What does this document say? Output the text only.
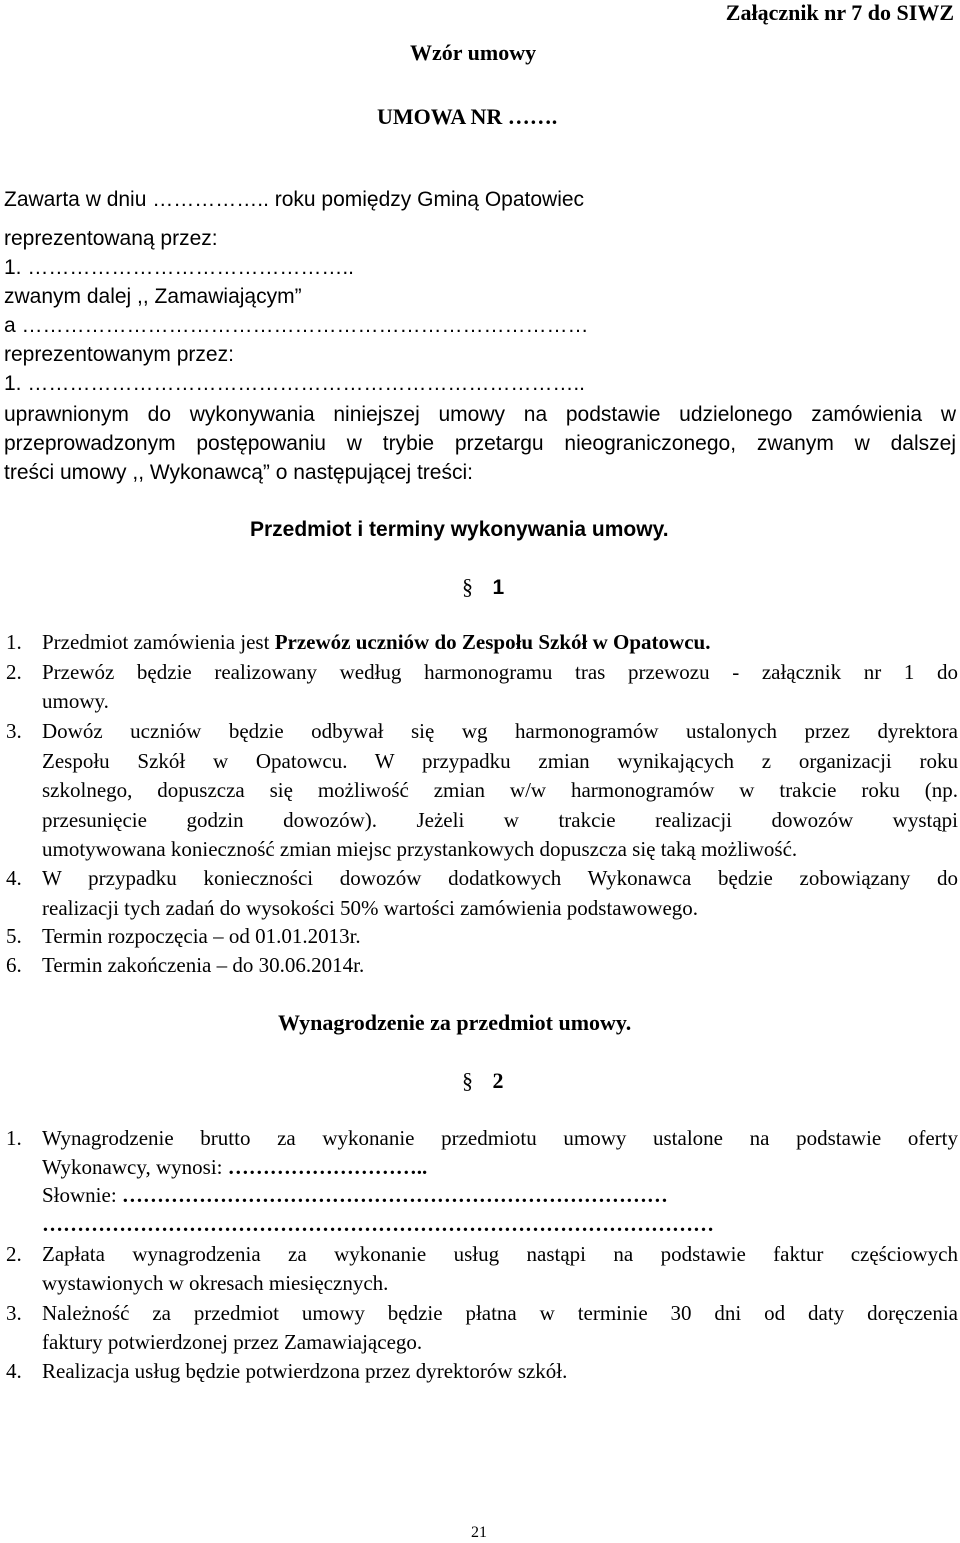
Załącznik nr 7 do SIWZ
Wzór umowy
UMOWA NR …….
Zawarta w dniu …………….. roku pomiędzy Gminą Opatowiec
reprezentowaną przez:
1. ………………………………………..
zwanym dalej ,, Zamawiającym”
a ………………………………………………………………………
reprezentowanym przez:
1. ……………………………………………………………………..
uprawnionym do wykonywania niniejszej umowy na podstawie udzielonego zamówienia w
przeprowadzonym postępowaniu w trybie przetargu nieograniczonego, zwanym w dalszej
treści umowy ,, Wykonawcą” o następującej treści:
Przedmiot i terminy wykonywania umowy.
§ 1
1. Przedmiot zamówienia jest Przewóz uczniów do Zespołu Szkół w Opatowcu.
2. Przewóz będzie realizowany według harmonogramu tras przewozu - załącznik nr 1 do
umowy.
3. Dowóz uczniów będzie odbywał się wg harmonogramów ustalonych przez dyrektora
Zespołu Szkół w Opatowcu. W przypadku zmian wynikających z organizacji roku
szkolnego, dopuszcza się możliwość zmian w/w harmonogramów w trakcie roku (np.
przesunięcie godzin dowozów). Jeżeli w trakcie realizacji dowozów wystąpi
umotywowana konieczność zmian miejsc przystankowych dopuszcza się taką możliwość.
4. W przypadku konieczności dowozów dodatkowych Wykonawca będzie zobowiązany do
realizacji tych zadań do wysokości 50% wartości zamówienia podstawowego.
5. Termin rozpoczęcia – od 01.01.2013r.
6. Termin zakończenia – do 30.06.2014r.
Wynagrodzenie za przedmiot umowy.
§ 2
1. Wynagrodzenie brutto za wykonanie przedmiotu umowy ustalone na podstawie oferty
Wykonawcy, wynosi: ………………………..
Słownie: ……………………………………………………………………
……………………………………………………………………………………
2. Zapłata wynagrodzenia za wykonanie usług nastąpi na podstawie faktur częściowych
wystawionych w okresach miesięcznych.
3. Należność za przedmiot umowy będzie płatna w terminie 30 dni od daty doręczenia
faktury potwierdzonej przez Zamawiającego.
4. Realizacja usług będzie potwierdzona przez dyrektorów szkół.
21
